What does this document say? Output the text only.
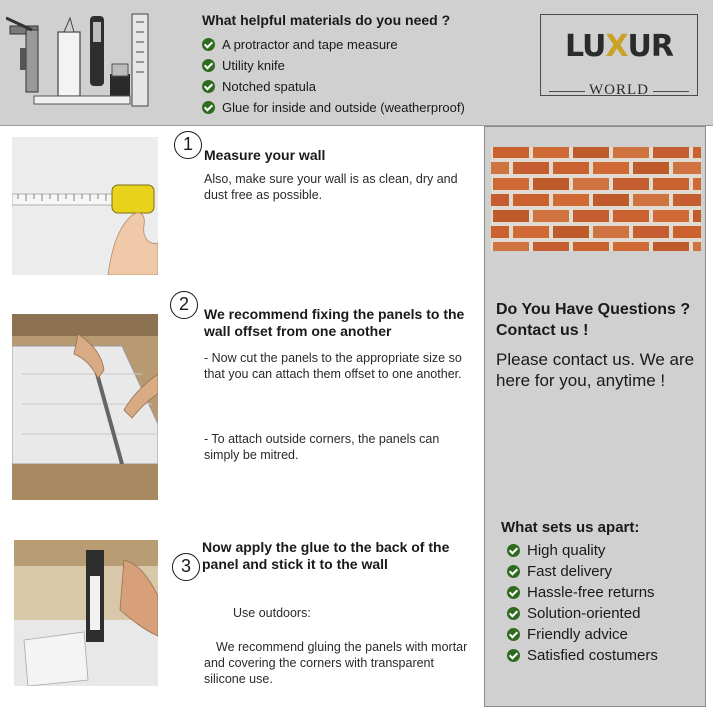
What helpful materials do you need ?
A protractor and tape measure
Utility knife
Notched spatula
Glue for inside and outside (weatherproof)
LUXUR
WORLD
1
Measure your wall
Also, make sure your wall is as clean, dry and dust free as possible.
2	We recommend fixing the panels to the wall offset from one another
- Now cut the panels to the appropriate size so that you can attach them offset to one another.
- To attach outside corners, the panels can simply be mitred.
3
Now apply the glue to the back of the panel and stick it to the wall
Use outdoors:
We recommend gluing the panels with mortar and covering the corners with transparent silicone use.
Do You Have Questions ? Contact us !
Please contact us. We are here for you, anytime !
What sets us apart:
High quality
Fast delivery
Hassle-free returns
Solution-oriented
Friendly advice
Satisfied costumers
